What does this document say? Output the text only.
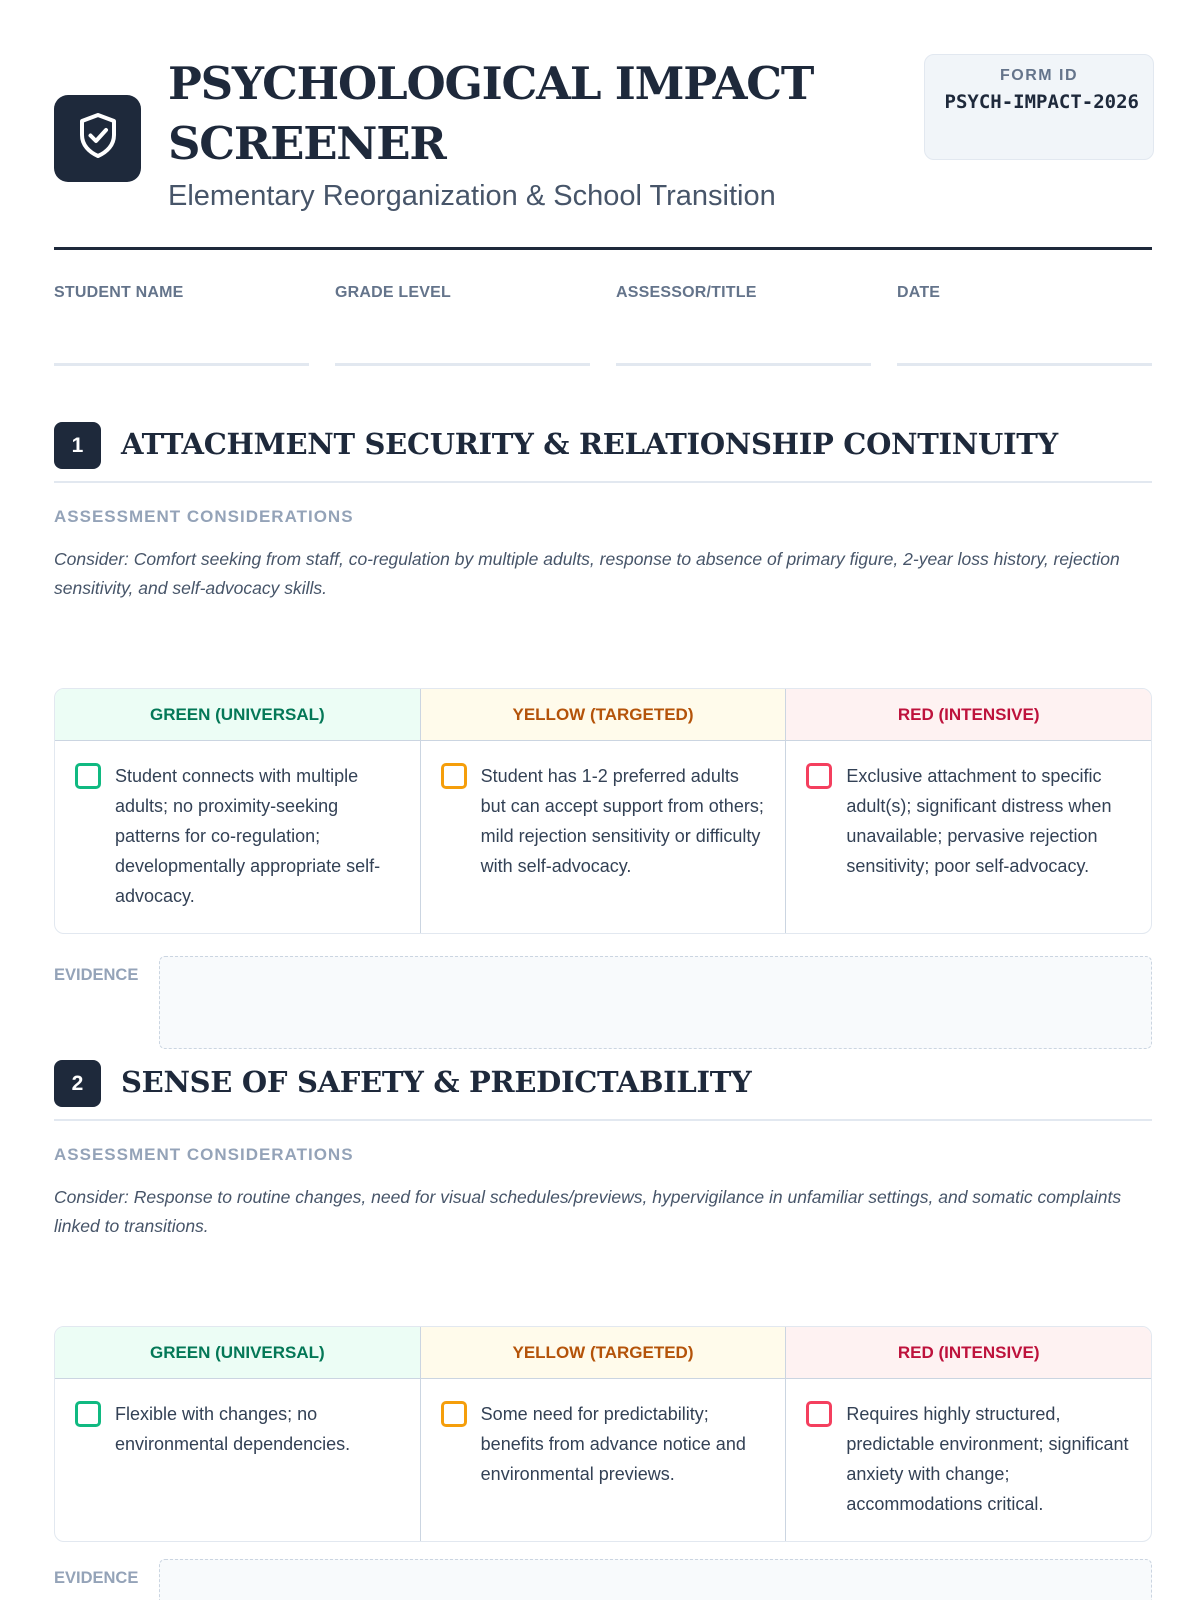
PSYCHOLOGICAL IMPACT SCREENER
Elementary Reorganization & School Transition
FORM ID
PSYCH-IMPACT-2026
STUDENT NAME	GRADE LEVEL	ASSESSOR/TITLE	DATE
1	ATTACHMENT SECURITY & RELATIONSHIP CONTINUITY
ASSESSMENT CONSIDERATIONS
Consider: Comfort seeking from staff, co-regulation by multiple adults, response to absence of primary figure, 2-year loss history, rejection sensitivity, and self-advocacy skills.
GREEN (UNIVERSAL)
Student connects with multiple adults; no proximity-seeking patterns for co-regulation; developmentally appropriate self-advocacy.
YELLOW (TARGETED)
Student has 1-2 preferred adults but can accept support from others; mild rejection sensitivity or difficulty with self-advocacy.
RED (INTENSIVE)
Exclusive attachment to specific adult(s); significant distress when unavailable; pervasive rejection sensitivity; poor self-advocacy.
EVIDENCE
2	SENSE OF SAFETY & PREDICTABILITY
ASSESSMENT CONSIDERATIONS
Consider: Response to routine changes, need for visual schedules/previews, hypervigilance in unfamiliar settings, and somatic complaints linked to transitions.
GREEN (UNIVERSAL)
Flexible with changes; no environmental dependencies.
YELLOW (TARGETED)
Some need for predictability; benefits from advance notice and environmental previews.
RED (INTENSIVE)
Requires highly structured, predictable environment; significant anxiety with change; accommodations critical.
EVIDENCE
